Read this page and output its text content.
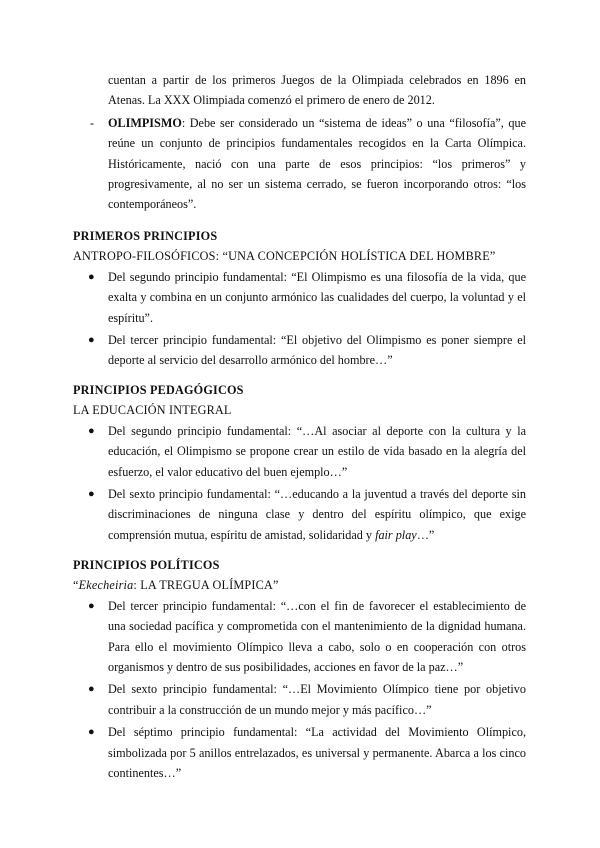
cuentan a partir de los primeros Juegos de la Olimpiada celebrados en 1896 en Atenas. La XXX Olimpiada comenzó el primero de enero de 2012.
- OLIMPISMO: Debe ser considerado un “sistema de ideas” o una “filosofía”, que reúne un conjunto de principios fundamentales recogidos en la Carta Olímpica. Históricamente, nació con una parte de esos principios: “los primeros” y progresivamente, al no ser un sistema cerrado, se fueron incorporando otros: “los contemporáneos”.
PRIMEROS PRINCIPIOS
ANTROPO-FILOSÓFICOS: “UNA CONCEPCIÓN HOLÍSTICA DEL HOMBRE”
● Del segundo principio fundamental: “El Olimpismo es una filosofía de la vida, que exalta y combina en un conjunto armónico las cualidades del cuerpo, la voluntad y el espíritu”.
● Del tercer principio fundamental: “El objetivo del Olimpismo es poner siempre el deporte al servicio del desarrollo armónico del hombre…”
PRINCIPIOS PEDAGÓGICOS
LA EDUCACIÓN INTEGRAL
● Del segundo principio fundamental: “…Al asociar al deporte con la cultura y la educación, el Olimpismo se propone crear un estilo de vida basado en la alegría del esfuerzo, el valor educativo del buen ejemplo…”
● Del sexto principio fundamental: “…educando a la juventud a través del deporte sin discriminaciones de ninguna clase y dentro del espíritu olímpico, que exige comprensión mutua, espíritu de amistad, solidaridad y fair play…”
PRINCIPIOS POLÍTICOS
“Ekecheiria: LA TREGUA OLÍMPICA”
● Del tercer principio fundamental: “…con el fin de favorecer el establecimiento de una sociedad pacífica y comprometida con el mantenimiento de la dignidad humana. Para ello el movimiento Olímpico lleva a cabo, solo o en cooperación con otros organismos y dentro de sus posibilidades, acciones en favor de la paz…”
● Del sexto principio fundamental: “…El Movimiento Olímpico tiene por objetivo contribuir a la construcción de un mundo mejor y más pacífico…”
● Del séptimo principio fundamental: “La actividad del Movimiento Olímpico, simbolizada por 5 anillos entrelazados, es universal y permanente. Abarca a los cinco continentes…”
